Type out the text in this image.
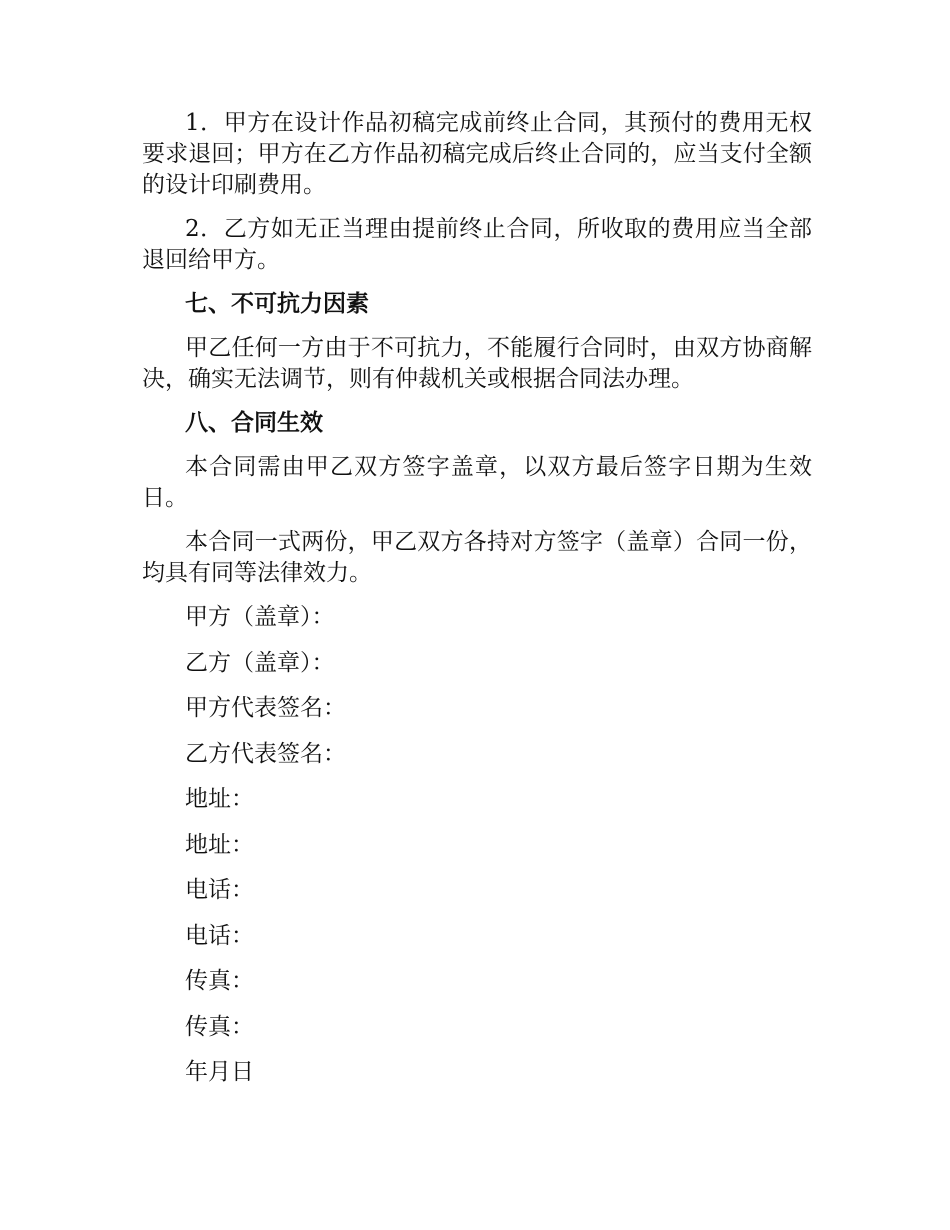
1．甲方在设计作品初稿完成前终止合同，其预付的费用无权要求退回；甲方在乙方作品初稿完成后终止合同的，应当支付全额的设计印刷费用。

2．乙方如无正当理由提前终止合同，所收取的费用应当全部退回给甲方。

七、不可抗力因素

甲乙任何一方由于不可抗力，不能履行合同时，由双方协商解决，确实无法调节，则有仲裁机关或根据合同法办理。

八、合同生效

本合同需由甲乙双方签字盖章，以双方最后签字日期为生效日。

本合同一式两份，甲乙双方各持对方签字（盖章）合同一份，均具有同等法律效力。

甲方（盖章）：

乙方（盖章）：

甲方代表签名：

乙方代表签名：

地址：

地址：

电话：

电话：

传真：

传真：

年月日
